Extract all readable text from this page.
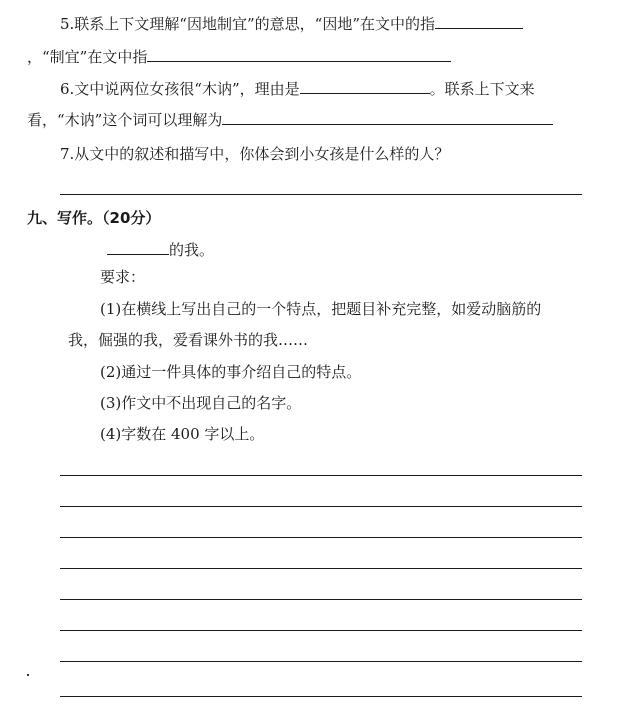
5.联系上下文理解“因地制宜”的意思，“因地”在文中的指
，“制宜”在文中指
6.文中说两位女孩很“木讷”，理由是	。联系上下文来
看，“木讷”这个词可以理解为
7.从文中的叙述和描写中，你体会到小女孩是什么样的人？
九、写作。（20分）
的我。
要求：
(1)在横线上写出自己的一个特点，把题目补充完整，如爱动脑筋的
我，倔强的我，爱看课外书的我……
(2)通过一件具体的事介绍自己的特点。
(3)作文中不出现自己的名字。
(4)字数在 400 字以上。
